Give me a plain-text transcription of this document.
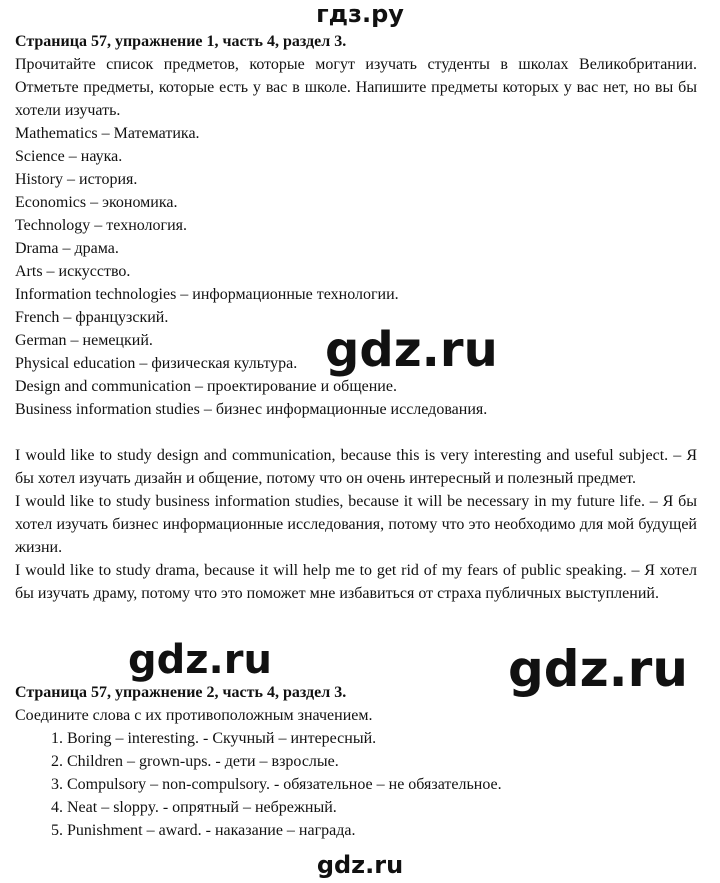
гдз.ру
Страница 57, упражнение 1, часть 4, раздел 3.
Прочитайте список предметов, которые могут изучать студенты в школах Великобритании. Отметьте предметы, которые есть у вас в школе. Напишите предметы которых у вас нет, но вы бы хотели изучать.
Mathematics – Математика.
Science – наука.
History – история.
Economics – экономика.
Technology – технология.
Drama – драма.
Arts – искусство.
Information technologies – информационные технологии.
French – французский.
German – немецкий.
Physical education – физическая культура.
Design and communication – проектирование и общение.
Business information studies – бизнес информационные исследования.
I would like to study design and communication, because this is very interesting and useful subject. – Я бы хотел изучать дизайн и общение, потому что он очень интересный и полезный предмет.
I would like to study business information studies, because it will be necessary in my future life. – Я бы хотел изучать бизнес информационные исследования, потому что это необходимо для мой будущей жизни.
I would like to study drama, because it will help me to get rid of my fears of public speaking. – Я хотел бы изучать драму, потому что это поможет мне избавиться от страха публичных выступлений.
Страница 57, упражнение 2, часть 4, раздел 3.
Соедините слова с их противоположным значением.
1. Boring – interesting. - Скучный – интересный.
2. Children – grown-ups. - дети – взрослые.
3. Compulsory – non-compulsory. - обязательное – не обязательное.
4. Neat – sloppy. - опрятный – небрежный.
5. Punishment – award. - наказание – награда.
gdz.ru
gdz.ru	gdz.ru
gdz.ru
